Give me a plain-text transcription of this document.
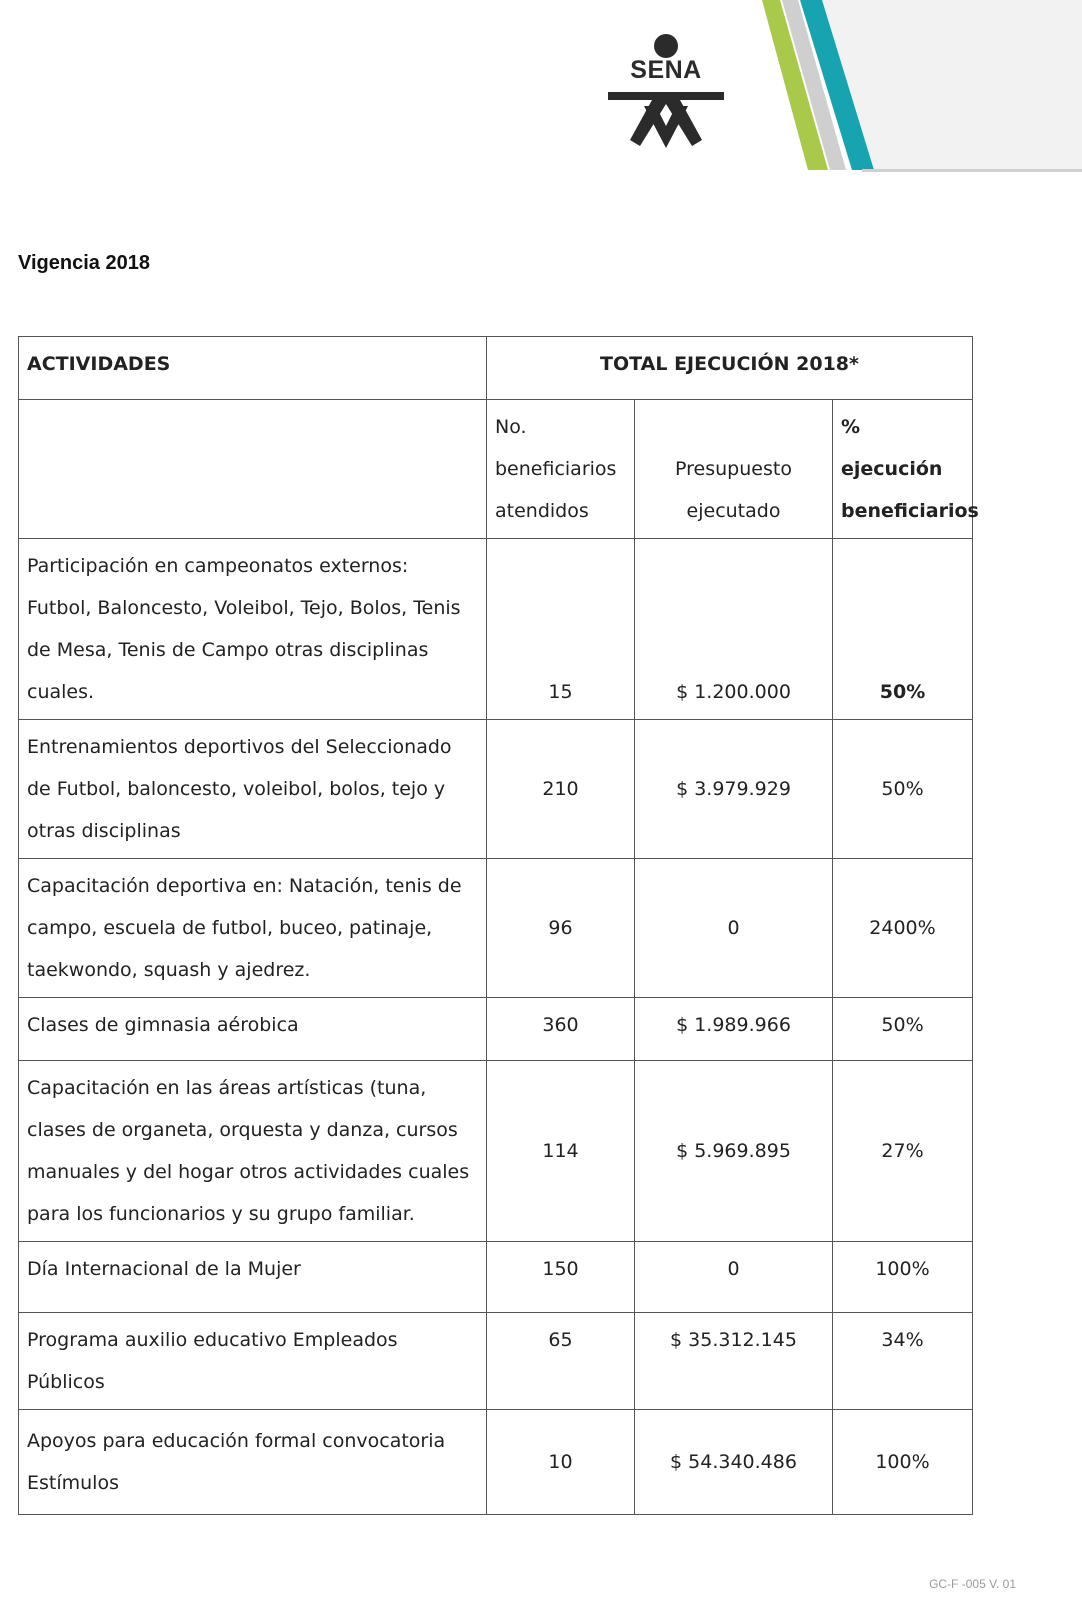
SENA
Vigencia 2018
ACTIVIDADES	TOTAL EJECUCIÓN 2018*		
	No. beneficiarios atendidos	Presupuesto ejecutado	% ejecución beneficiarios
Participación en campeonatos externos: Futbol, Baloncesto, Voleibol, Tejo, Bolos, Tenis de Mesa, Tenis de Campo otras disciplinas cuales.	15	$ 1.200.000	50%
Entrenamientos deportivos del Seleccionado de Futbol, baloncesto, voleibol, bolos, tejo y otras disciplinas	210	$ 3.979.929	50%
Capacitación deportiva en: Natación, tenis de campo, escuela de futbol, buceo, patinaje, taekwondo, squash y ajedrez.	96	0	2400%
Clases de gimnasia aérobica	360	$ 1.989.966	50%
Capacitación en las áreas artísticas (tuna, clases de organeta, orquesta y danza, cursos manuales y del hogar otros actividades cuales para los funcionarios y su grupo familiar.	114	$ 5.969.895	27%
Día Internacional de la Mujer	150	0	100%
Programa auxilio educativo Empleados Públicos	65	$ 35.312.145	34%
Apoyos para educación formal convocatoria Estímulos	10	$ 54.340.486	100%
GC-F -005 V. 01
